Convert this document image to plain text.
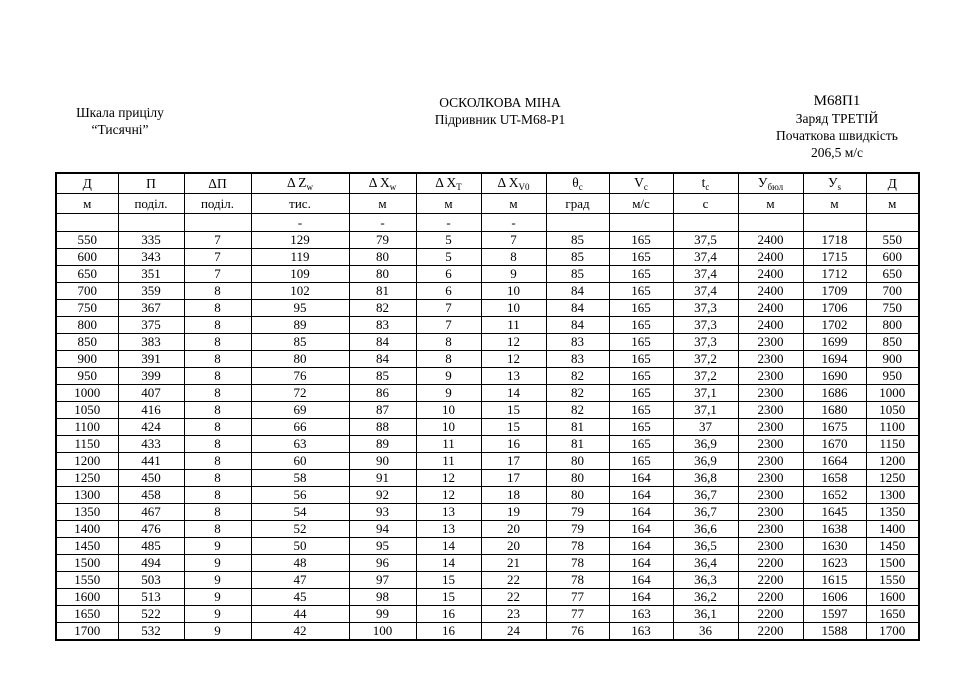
Шкала прицілу
“Тисячні”
ОСКОЛКОВА МІНА
Підривник UT-M68-P1
М68П1
Заряд ТРЕТІЙ
Початкова швидкість
206,5 м/с
Д	П	ΔП	Δ $Z_w$	Δ $X_w$	Δ $X_T$	Δ $X_{V0}$	$\theta_c$	$V_c$	$t_c$	$У_{бюл}$	$У_s$	Д
м	поділ.	поділ.	тис.	м	м	м	град	м/с	с	м	м	м
			-	-	-	-						
550	335	7	129	79	5	7	85	165	37,5	2400	1718	550
600	343	7	119	80	5	8	85	165	37,4	2400	1715	600
650	351	7	109	80	6	9	85	165	37,4	2400	1712	650
700	359	8	102	81	6	10	84	165	37,4	2400	1709	700
750	367	8	95	82	7	10	84	165	37,3	2400	1706	750
800	375	8	89	83	7	11	84	165	37,3	2400	1702	800
850	383	8	85	84	8	12	83	165	37,3	2300	1699	850
900	391	8	80	84	8	12	83	165	37,2	2300	1694	900
950	399	8	76	85	9	13	82	165	37,2	2300	1690	950
1000	407	8	72	86	9	14	82	165	37,1	2300	1686	1000
1050	416	8	69	87	10	15	82	165	37,1	2300	1680	1050
1100	424	8	66	88	10	15	81	165	37	2300	1675	1100
1150	433	8	63	89	11	16	81	165	36,9	2300	1670	1150
1200	441	8	60	90	11	17	80	165	36,9	2300	1664	1200
1250	450	8	58	91	12	17	80	164	36,8	2300	1658	1250
1300	458	8	56	92	12	18	80	164	36,7	2300	1652	1300
1350	467	8	54	93	13	19	79	164	36,7	2300	1645	1350
1400	476	8	52	94	13	20	79	164	36,6	2300	1638	1400
1450	485	9	50	95	14	20	78	164	36,5	2300	1630	1450
1500	494	9	48	96	14	21	78	164	36,4	2200	1623	1500
1550	503	9	47	97	15	22	78	164	36,3	2200	1615	1550
1600	513	9	45	98	15	22	77	164	36,2	2200	1606	1600
1650	522	9	44	99	16	23	77	163	36,1	2200	1597	1650
1700	532	9	42	100	16	24	76	163	36	2200	1588	1700
